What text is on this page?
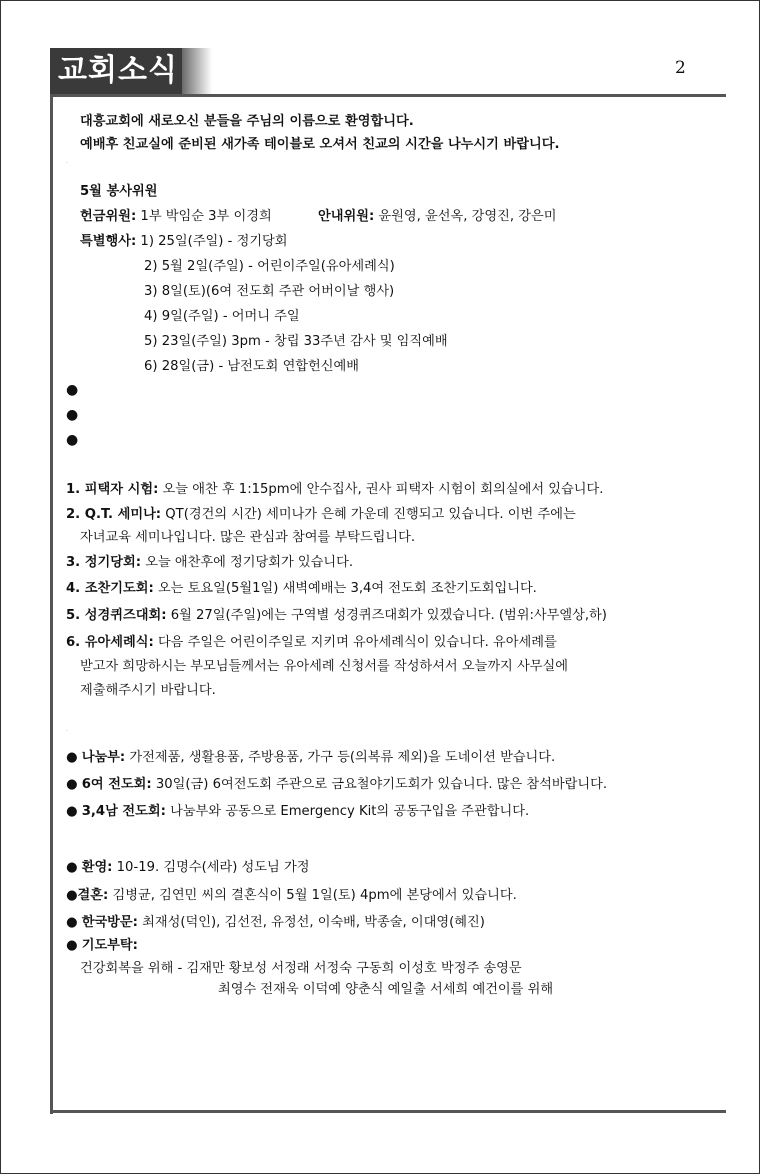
교회소식	2
대흥교회에 새로오신 분들을 주님의 이름으로 환영합니다.
예배후 친교실에 준비된 새가족 테이블로 오셔서 친교의 시간을 나누시기 바랍니다.
·
5월 봉사위원
헌금위원: 1부 박임순 3부 이경희	안내위원: 윤원영, 윤선옥, 강영진, 강은미
특별행사: 1) 25일(주일) - 정기당회
2) 5월 2일(주일) - 어린이주일(유아세례식)
3) 8일(토)(6여 전도회 주관 어버이날 행사)
4) 9일(주일) - 어머니 주일
5) 23일(주일) 3pm - 창립 33주년 감사 및 임직예배
6) 28일(금) - 남전도회 연합헌신예배
●
●
●
1. 피택자 시험: 오늘 애찬 후 1:15pm에 안수집사, 권사 피택자 시험이 회의실에서 있습니다.
2. Q.T. 세미나: QT(경건의 시간) 세미나가 은혜 가운데 진행되고 있습니다. 이번 주에는
자녀교육 세미나입니다. 많은 관심과 참여를 부탁드립니다.
3. 정기당회: 오늘 애찬후에 정기당회가 있습니다.
4. 조찬기도회: 오는 토요일(5월1일) 새벽예배는 3,4여 전도회 조찬기도회입니다.
5. 성경퀴즈대회: 6월 27일(주일)에는 구역별 성경퀴즈대회가 있겠습니다. (범위:사무엘상,하)
6. 유아세례식: 다음 주일은 어린이주일로 지키며 유아세례식이 있습니다. 유아세례를
받고자 희망하시는 부모님들께서는 유아세례 신청서를 작성하셔서 오늘까지 사무실에
제출해주시기 바랍니다.
·
● 나눔부: 가전제품, 생활용품, 주방용품, 가구 등(의복류 제외)을 도네이션 받습니다.
● 6여 전도회: 30일(금) 6여전도회 주관으로 금요철야기도회가 있습니다. 많은 참석바랍니다.
● 3,4남 전도회: 나눔부와 공동으로 Emergency Kit의 공동구입을 주관합니다.
● 환영: 10-19. 김명수(세라) 성도님 가정
●결혼: 김병균, 김연민 씨의 결혼식이 5월 1일(토) 4pm에 본당에서 있습니다.
● 한국방문: 최재성(덕인), 김선전, 유정선, 이숙배, 박종술, 이대영(혜진)
● 기도부탁:
건강회복을 위해 - 김재만 황보성 서정래 서정숙 구동희 이성호 박정주 송영문
최영수 전재욱 이덕예 양춘식 예일출 서세희 예건이를 위해
